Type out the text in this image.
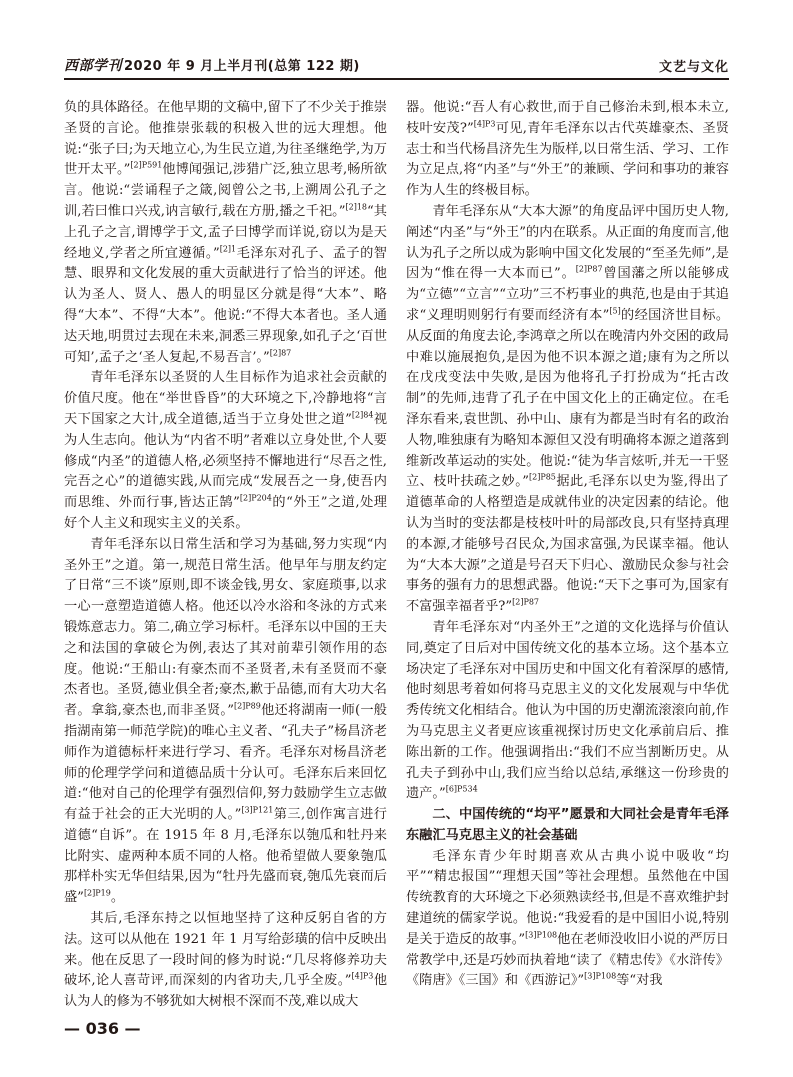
西部学刊 2020 年 9 月上半月刊(总第 122 期)	文艺与文化

负的具体路径。在他早期的文稿中,留下了不少关于推崇圣贤的言论。他推崇张载的积极入世的远大理想。他说:“张子曰;为天地立心,为生民立道,为往圣继绝学,为万世开太平。”$^{[2]P591}$他博闻强记,涉猎广泛,独立思考,畅所欲言。他说:“尝诵程子之箴,阅曾公之书,上溯周公孔子之训,若曰惟口兴戎,讷言敏行,载在方册,播之千祀。”$^{[2]18}$“其上孔子之言,谓博学于文,孟子曰博学而详说,窃以为是天经地义,学者之所宜遵循。”$^{[2]1}$毛泽东对孔子、孟子的智慧、眼界和文化发展的重大贡献进行了恰当的评述。他认为圣人、贤人、愚人的明显区分就是得“大本”、略得“大本”、不得“大本”。他说:“不得大本者也。圣人通达天地,明贯过去现在未来,洞悉三界现象,如孔子之‘百世可知’,孟子之‘圣人复起,不易吾言’。”$^{[2]87}$

青年毛泽东以圣贤的人生目标作为追求社会贡献的价值尺度。他在“举世昏昏”的大环境之下,冷静地将“言天下国家之大计,成全道德,适当于立身处世之道”$^{[2]84}$视为人生志向。他认为“内省不明”者难以立身处世,个人要修成“内圣”的道德人格,必须坚持不懈地进行“尽吾之性,完吾之心”的道德实践,从而完成“发展吾之一身,使吾内而思维、外而行事,皆达正鹄”$^{[2]P204}$的“外王”之道,处理好个人主义和现实主义的关系。

青年毛泽东以日常生活和学习为基础,努力实现“内圣外王”之道。第一,规范日常生活。他早年与朋友约定了日常“三不谈”原则,即不谈金钱,男女、家庭琐事,以求一心一意塑造道德人格。他还以冷水浴和冬泳的方式来锻炼意志力。第二,确立学习标杆。毛泽东以中国的王夫之和法国的拿破仑为例,表达了其对前辈引领作用的态度。他说:“王船山:有豪杰而不圣贤者,未有圣贤而不豪杰者也。圣贤,德业俱全者;豪杰,歉于品德,而有大功大名者。拿翁,豪杰也,而非圣贤。”$^{[2]P89}$他还将湖南一师(一般指湖南第一师范学院)的唯心主义者、“孔夫子”杨昌济老师作为道德标杆来进行学习、看齐。毛泽东对杨昌济老师的伦理学学问和道德品质十分认可。毛泽东后来回忆道:“他对自己的伦理学有强烈信仰,努力鼓励学生立志做有益于社会的正大光明的人。”$^{[3]P121}$第三,创作寓言进行道德“自诉”。在 1915 年 8 月,毛泽东以匏瓜和牡丹来比附实、虚两种本质不同的人格。他希望做人要象匏瓜那样朴实无华但结果,因为“牡丹先盛而衰,匏瓜先衰而后盛”$^{[2]P19}$。

其后,毛泽东持之以恒地坚持了这种反躬自省的方法。这可以从他在 1921 年 1 月写给彭璜的信中反映出来。他在反思了一段时间的修为时说:“几尽将修养功夫破坏,论人喜苛评,而深刻的内省功夫,几乎全废。”$^{[4]P3}$他认为人的修为不够犹如大树根不深而不茂,难以成大

器。他说:“吾人有心救世,而于自己修治未到,根本未立,枝叶安茂?”$^{[4]P3}$可见,青年毛泽东以古代英雄豪杰、圣贤志士和当代杨昌济先生为版样,以日常生活、学习、工作为立足点,将“内圣”与“外王”的兼顾、学问和事功的兼容作为人生的终极目标。

青年毛泽东从“大本大源”的角度品评中国历史人物,阐述“内圣”与“外王”的内在联系。从正面的角度而言,他认为孔子之所以成为影响中国文化发展的“至圣先师”,是因为“惟在得一大本而已”。$^{[2]P87}$曾国藩之所以能够成为“立德”“立言”“立功”三不朽事业的典范,也是由于其追求“义理明则躬行有要而经济有本”[5]的经国济世目标。从反面的角度去论,李鸿章之所以在晚清内外交困的政局中难以施展抱负,是因为他不识本源之道;康有为之所以在戊戌变法中失败,是因为他将孔子打扮成为“托古改制”的先师,违背了孔子在中国文化上的正确定位。在毛泽东看来,袁世凯、孙中山、康有为都是当时有名的政治人物,唯独康有为略知本源但又没有明确将本源之道落到维新改革运动的实处。他说:“徒为华言炫听,并无一干竖立、枝叶扶疏之妙。”$^{[2]P85}$据此,毛泽东以史为鉴,得出了道德革命的人格塑造是成就伟业的决定因素的结论。他认为当时的变法都是枝枝叶叶的局部改良,只有坚持真理的本源,才能够号召民众,为国求富强,为民谋幸福。他认为“大本大源”之道是号召天下归心、激励民众参与社会事务的强有力的思想武器。他说:“天下之事可为,国家有不富强幸福者乎?”$^{[2]P87}$

青年毛泽东对“内圣外王”之道的文化选择与价值认同,奠定了日后对中国传统文化的基本立场。这个基本立场决定了毛泽东对中国历史和中国文化有着深厚的感情,他时刻思考着如何将马克思主义的文化发展观与中华优秀传统文化相结合。他认为中国的历史潮流滚滚向前,作为马克思主义者更应该重视探讨历史文化承前启后、推陈出新的工作。他强调指出:“我们不应当割断历史。从孔夫子到孙中山,我们应当给以总结,承继这一份珍贵的遗产。”$^{[6]P534}$

二、中国传统的“均平”愿景和大同社会是青年毛泽东融汇马克思主义的社会基础

毛泽东青少年时期喜欢从古典小说中吸收“均平”“精忠报国”“理想天国”等社会理想。虽然他在中国传统教育的大环境之下必须熟读经书,但是不喜欢维护封建道统的儒家学说。他说:“我爱看的是中国旧小说,特别是关于造反的故事。”$^{[3]P108}$他在老师没收旧小说的严厉日常教学中,还是巧妙而执着地“读了《精忠传》《水浒传》《隋唐》《三国》和《西游记》”$^{[3]P108}$等“对我

— 036 —
